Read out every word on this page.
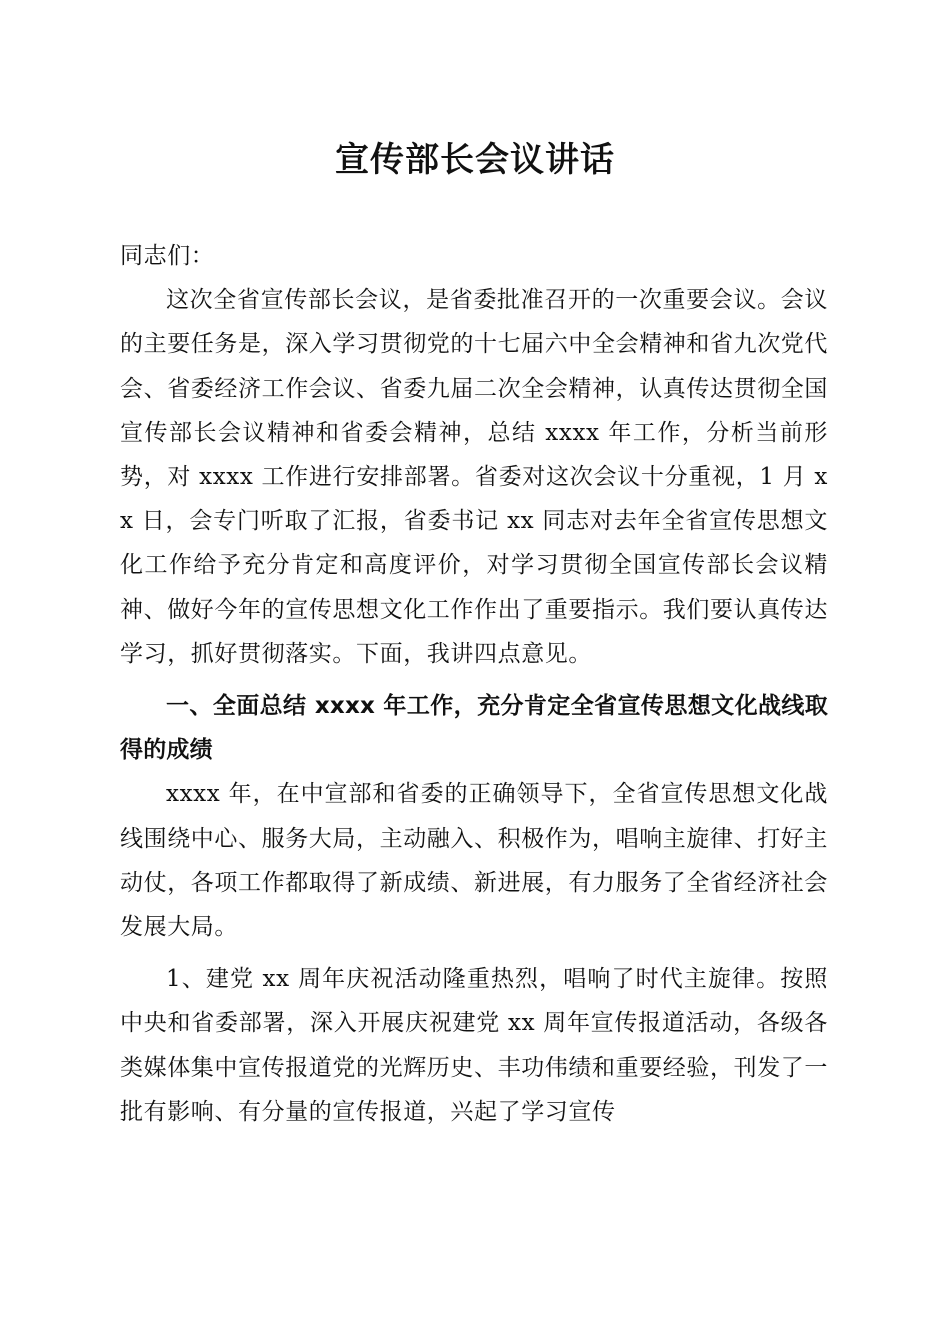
宣传部长会议讲话

同志们：

这次全省宣传部长会议，是省委批准召开的一次重要会议。会议的主要任务是，深入学习贯彻党的十七届六中全会精神和省九次党代会、省委经济工作会议、省委九届二次全会精神，认真传达贯彻全国宣传部长会议精神和省委会精神，总结 xxxx 年工作，分析当前形势，对 xxxx 工作进行安排部署。省委对这次会议十分重视，1 月 xx 日，会专门听取了汇报，省委书记 xx 同志对去年全省宣传思想文化工作给予充分肯定和高度评价，对学习贯彻全国宣传部长会议精神、做好今年的宣传思想文化工作作出了重要指示。我们要认真传达学习，抓好贯彻落实。下面，我讲四点意见。

一、全面总结 xxxx 年工作，充分肯定全省宣传思想文化战线取得的成绩

xxxx 年，在中宣部和省委的正确领导下，全省宣传思想文化战线围绕中心、服务大局，主动融入、积极作为，唱响主旋律、打好主动仗，各项工作都取得了新成绩、新进展，有力服务了全省经济社会发展大局。

1、建党 xx 周年庆祝活动隆重热烈，唱响了时代主旋律。按照中央和省委部署，深入开展庆祝建党 xx 周年宣传报道活动，各级各类媒体集中宣传报道党的光辉历史、丰功伟绩和重要经验，刊发了一批有影响、有分量的宣传报道，兴起了学习宣传
